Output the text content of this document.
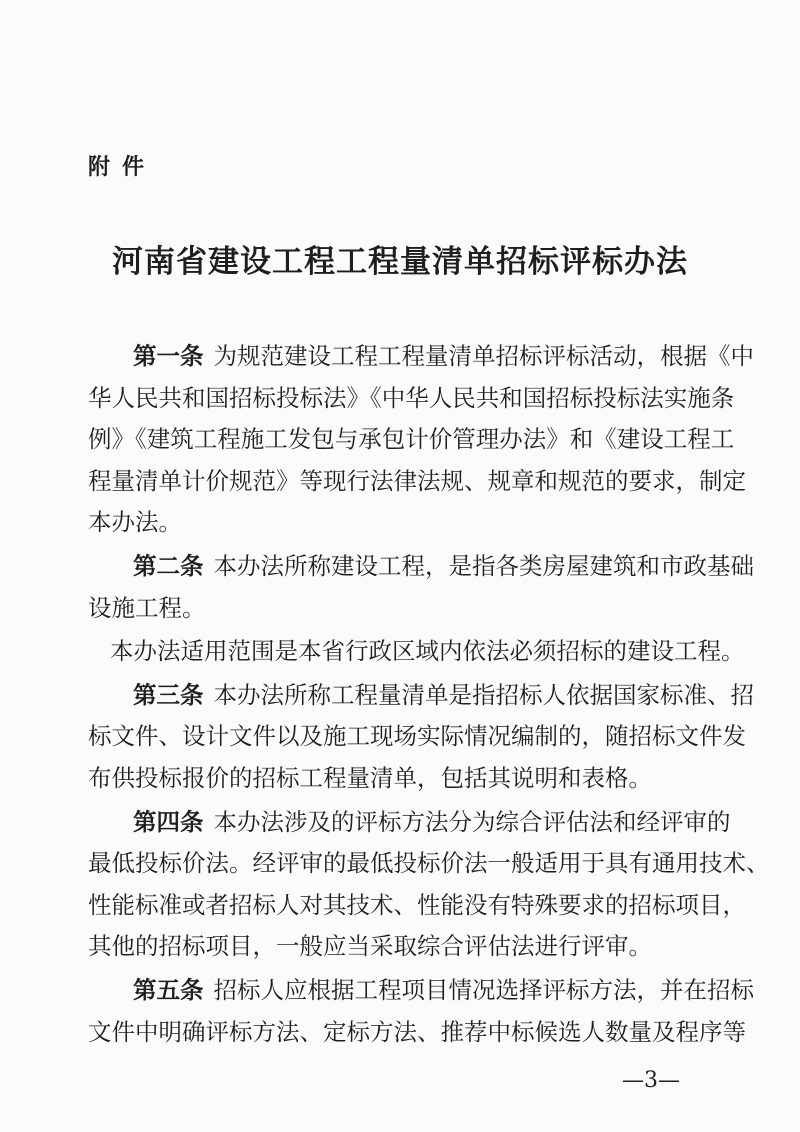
附件
河南省建设工程工程量清单招标评标办法
第一条 为规范建设工程工程量清单招标评标活动，根据《中
华人民共和国招标投标法》《中华人民共和国招标投标法实施条
例》《建筑工程施工发包与承包计价管理办法》和《建设工程工
程量清单计价规范》等现行法律法规、规章和规范的要求，制定
本办法。
第二条 本办法所称建设工程，是指各类房屋建筑和市政基础
设施工程。
本办法适用范围是本省行政区域内依法必须招标的建设工程。
第三条 本办法所称工程量清单是指招标人依据国家标准、招
标文件、设计文件以及施工现场实际情况编制的，随招标文件发
布供投标报价的招标工程量清单，包括其说明和表格。
第四条 本办法涉及的评标方法分为综合评估法和经评审的
最低投标价法。经评审的最低投标价法一般适用于具有通用技术、
性能标准或者招标人对其技术、性能没有特殊要求的招标项目，
其他的招标项目，一般应当采取综合评估法进行评审。
第五条 招标人应根据工程项目情况选择评标方法，并在招标
文件中明确评标方法、定标方法、推荐中标候选人数量及程序等
—3—
